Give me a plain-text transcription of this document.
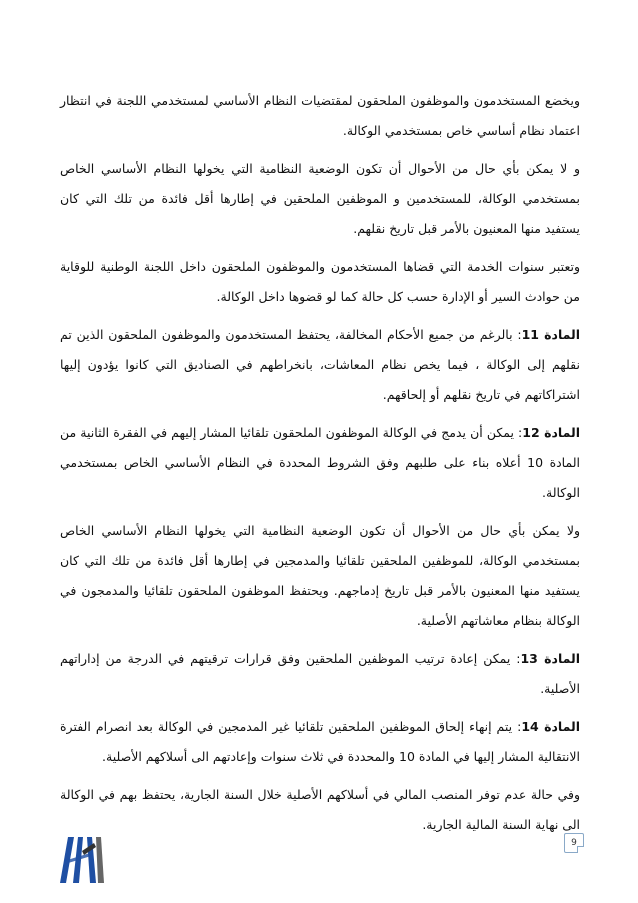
ويخضع المستخدمون والموظفون الملحقون لمقتضيات النظام الأساسي لمستخدمي اللجنة في انتظار اعتماد نظام أساسي خاص بمستخدمي الوكالة.

و لا يمكن بأي حال من الأحوال أن تكون الوضعية النظامية التي يخولها النظام الأساسي الخاص بمستخدمي الوكالة، للمستخدمين و الموظفين الملحقين في إطارها أقل فائدة من تلك التي كان يستفيد منها المعنيون بالأمر قبل تاريخ نقلهم.

وتعتبر سنوات الخدمة التي قضاها المستخدمون والموظفون الملحقون داخل اللجنة الوطنية للوقاية من حوادث السير أو الإدارة حسب كل حالة كما لو قضوها داخل الوكالة.

المادة 11: بالرغم من جميع الأحكام المخالفة، يحتفظ المستخدمون والموظفون الملحقون الذين تم نقلهم إلى الوكالة ، فيما يخص نظام المعاشات، بانخراطهم في الصناديق التي كانوا يؤدون إليها اشتراكاتهم في تاريخ نقلهم أو إلحاقهم.

المادة 12: يمكن أن يدمج في الوكالة الموظفون الملحقون تلقائيا المشار إليهم في الفقرة الثانية من المادة 10 أعلاه بناء على طلبهم وفق الشروط المحددة في النظام الأساسي الخاص بمستخدمي الوكالة.

ولا يمكن بأي حال من الأحوال أن تكون الوضعية النظامية التي يخولها النظام الأساسي الخاص بمستخدمي الوكالة، للموظفين الملحقين تلقائيا والمدمجين في إطارها أقل فائدة من تلك التي كان يستفيد منها المعنيون بالأمر قبل تاريخ إدماجهم. ويحتفظ الموظفون الملحقون تلقائيا والمدمجون في الوكالة بنظام معاشاتهم الأصلية.

المادة 13: يمكن إعادة ترتيب الموظفين الملحقين وفق قرارات ترقيتهم في الدرجة من إداراتهم الأصلية.

المادة 14: يتم إنهاء إلحاق الموظفين الملحقين تلقائيا غير المدمجين في الوكالة بعد انصرام الفترة الانتقالية المشار إليها في المادة 10 والمحددة في ثلاث سنوات وإعادتهم الى أسلاكهم الأصلية.

وفي حالة عدم توفر المنصب المالي في أسلاكهم الأصلية خلال السنة الجارية، يحتفظ بهم في الوكالة الى نهاية السنة المالية الجارية.

9
